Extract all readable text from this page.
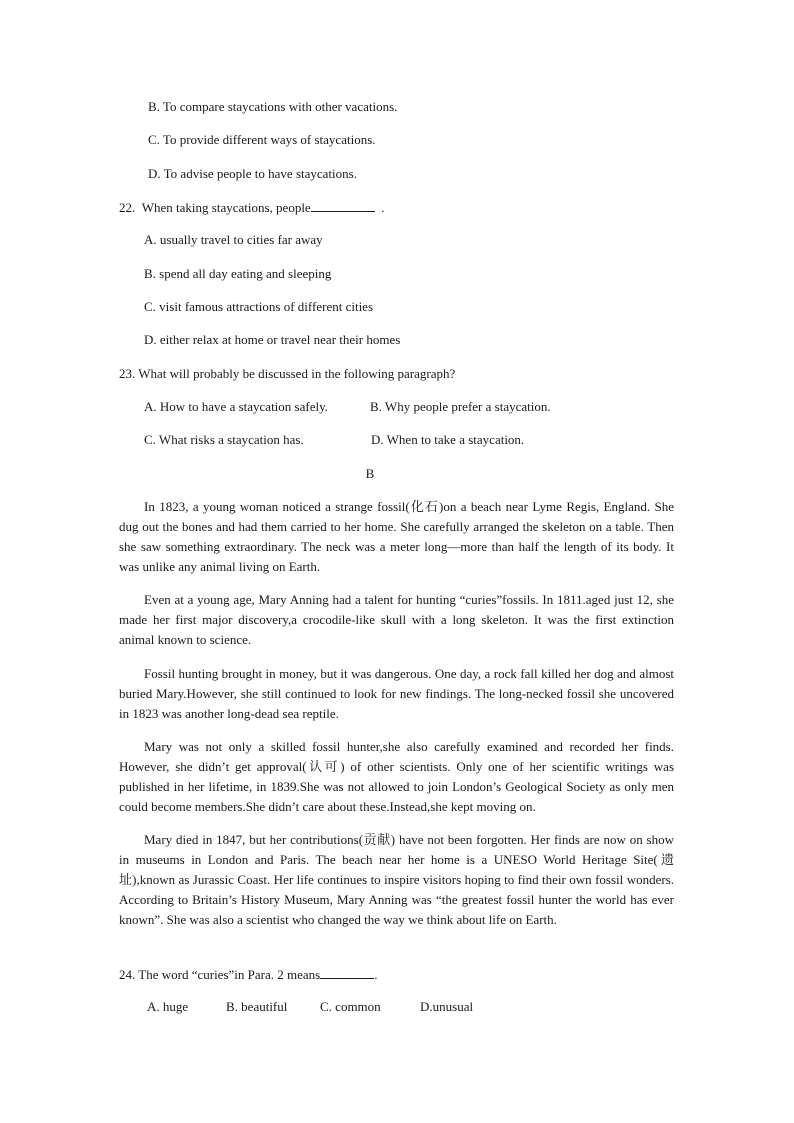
B. To compare staycations with other vacations.
C. To provide different ways of staycations.
D. To advise people to have staycations.
22. When taking staycations, people	.
A. usually travel to cities far away
B. spend all day eating and sleeping
C. visit famous attractions of different cities
D. either relax at home or travel near their homes
23. What will probably be discussed in the following paragraph?
A. How to have a staycation safely.	B. Why people prefer a staycation.
C. What risks a staycation has.	D. When to take a staycation.
B
In 1823, a young woman noticed a strange fossil(化石)on a beach near Lyme Regis, England. She dug out the bones and had them carried to her home. She carefully arranged the skeleton on a table. Then she saw something extraordinary. The neck was a meter long—more than half the length of its body. It was unlike any animal living on Earth.
Even at a young age, Mary Anning had a talent for hunting “curies”fossils. In 1811.aged just 12, she made her first major discovery,a crocodile-like skull with a long skeleton. It was the first extinction animal known to science.
Fossil hunting brought in money, but it was dangerous. One day, a rock fall killed her dog and almost buried Mary.However, she still continued to look for new findings. The long-necked fossil she uncovered in 1823 was another long-dead sea reptile.
Mary was not only a skilled fossil hunter,she also carefully examined and recorded her finds. However, she didn’t get approval(认可) of other scientists. Only one of her scientific writings was published in her lifetime, in 1839.She was not allowed to join London’s Geological Society as only men could become members.She didn’t care about these.Instead,she kept moving on.
Mary died in 1847, but her contributions(贡献) have not been forgotten. Her finds are now on show in museums in London and Paris. The beach near her home is a UNESO World Heritage Site(遗址),known as Jurassic Coast. Her life continues to inspire visitors hoping to find their own fossil wonders. According to Britain’s History Museum, Mary Anning was “the greatest fossil hunter the world has ever known”. She was also a scientist who changed the way we think about life on Earth.
24. The word “curies”in Para. 2 means	.
A. huge	B. beautiful	C. common	D.unusual
